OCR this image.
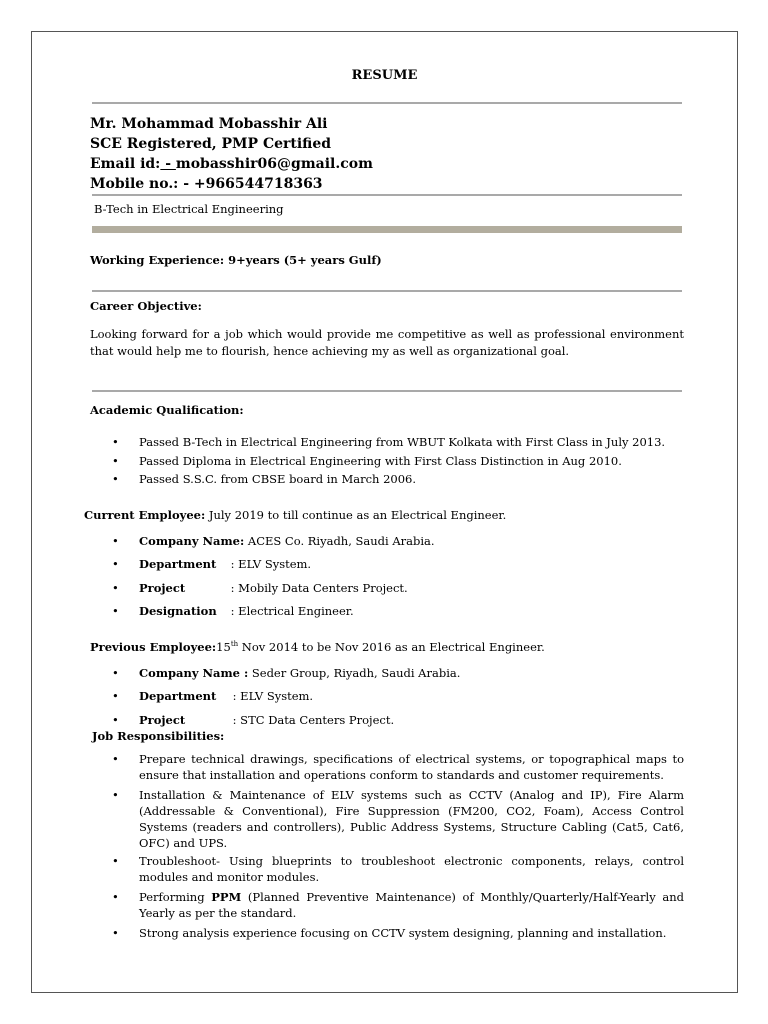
RESUME
Mr. Mohammad Mobasshir Ali
SCE Registered, PMP Certified
Email id: - mobasshir06@gmail.com
Mobile no.: - +966544718363
B-Tech in Electrical Engineering
Working Experience: 9+years (5+ years Gulf)
Career Objective:
Looking forward for a job which would provide me competitive as well as professional environment that would help me to flourish, hence achieving my as well as organizational goal.
Academic Qualification:
• Passed B-Tech in Electrical Engineering from WBUT Kolkata with First Class in July 2013.
• Passed Diploma in Electrical Engineering with First Class Distinction in Aug 2010.
• Passed S.S.C. from CBSE board in March 2006.
Current Employee: July 2019 to till continue as an Electrical Engineer.
• Company Name: ACES Co. Riyadh, Saudi Arabia.
• Department : ELV System.
• Project	: Mobily Data Centers Project.
• Designation : Electrical Engineer.
Previous Employee:15th Nov 2014 to be Nov 2016 as an Electrical Engineer.
• Company Name : Seder Group, Riyadh, Saudi Arabia.
• Department : ELV System.
• Project	: STC Data Centers Project.
Job Responsibilities:
• Prepare technical drawings, specifications of electrical systems, or topographical maps to ensure that installation and operations conform to standards and customer requirements.
• Installation & Maintenance of ELV systems such as CCTV (Analog and IP), Fire Alarm (Addressable & Conventional), Fire Suppression (FM200, CO2, Foam), Access Control Systems (readers and controllers), Public Address Systems, Structure Cabling (Cat5, Cat6, OFC) and UPS.
• Troubleshoot- Using blueprints to troubleshoot electronic components, relays, control modules and monitor modules.
• Performing PPM (Planned Preventive Maintenance) of Monthly/Quarterly/Half-Yearly and Yearly as per the standard.
• Strong analysis experience focusing on CCTV system designing, planning and installation.
